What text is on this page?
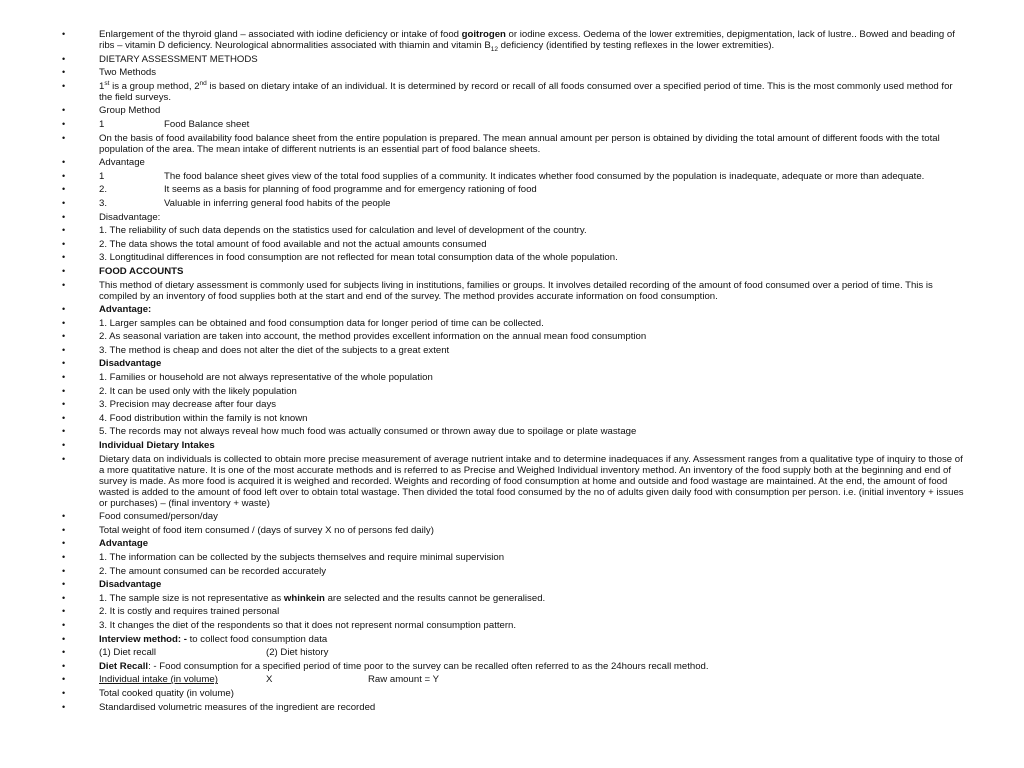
•	Enlargement of the thyroid gland – associated with iodine deficiency or intake of food goitrogen or iodine excess. Oedema of the lower extremities, depigmentation, lack of lustre.. Bowed and beading of ribs – vitamin D deficiency. Neurological abnormalities associated with thiamin and vitamin $B_{12}$ deficiency (identified by testing reflexes in the lower extremities).
•	DIETARY ASSESSMENT METHODS
•	Two Methods
•	1st is a group method, 2nd is based on dietary intake of an individual. It is determined by record or recall of all foods consumed over a specified period of time. This is the most commonly used method for the field surveys.
•	Group Method
•	1	Food Balance sheet
•	On the basis of food availability food balance sheet from the entire population is prepared. The mean annual amount per person is obtained by dividing the total amount of different foods with the total population of the area. The mean intake of different nutrients is an essential part of food balance sheets.
•	Advantage
•	1	The food balance sheet gives view of the total food supplies of a community. It indicates whether food consumed by the population is inadequate, adequate or more than adequate.
•	2.	It seems as a basis for planning of food programme and for emergency rationing of food
•	3.	Valuable in inferring general food habits of the people
•	Disadvantage:
•	1. The reliability of such data depends on the statistics used for calculation and level of development of the country.
•	2. The data shows the total amount of food available and not the actual amounts consumed
•	3. Longtitudinal differences in food consumption are not reflected for mean total consumption data of the whole population.
•	FOOD ACCOUNTS
•	This method of dietary assessment is commonly used for subjects living in institutions, families or groups. It involves detailed recording of the amount of food consumed over a period of time. This is compiled by an inventory of food supplies both at the start and end of the survey. The method provides accurate information on food consumption.
•	Advantage:
•	1. Larger samples can be obtained and food consumption data for longer period of time can be collected.
•	2. As seasonal variation are taken into account, the method provides excellent information on the annual mean food consumption
•	3. The method is cheap and does not alter the diet of the subjects to a great extent
•	Disadvantage
•	1. Families or household are not always representative of the whole population
•	2. It can be used only with the likely population
•	3. Precision may decrease after four days
•	4. Food distribution within the family is not known
•	5. The records may not always reveal how much food was actually consumed or thrown away due to spoilage or plate wastage
•	Individual Dietary Intakes
•	Dietary data on individuals is collected to obtain more precise measurement of average nutrient intake and to determine inadequaces if any. Assessment ranges from a qualitative type of inquiry to those of a more quatitative nature. It is one of the most accurate methods and is referred to as Precise and Weighed Individual inventory method. An inventory of the food supply both at the beginning and end of survey is made. As more food is acquired it is weighed and recorded. Weights and recording of food consumption at home and outside and food wastage are maintained. At the end, the amount of food wasted is added to the amount of food left over to obtain total wastage. Then divided the total food consumed by the no of adults given daily food with consumption per person. i.e. (initial inventory + issues or purchases) – (final inventory + waste)
•	Food consumed/person/day
•	Total weight of food item consumed / (days of survey X no of persons fed daily)
•	Advantage
•	1. The information can be collected by the subjects themselves and require minimal supervision
•	2. The amount consumed can be recorded accurately
•	Disadvantage
•	1. The sample size is not representative as whinkein are selected and the results cannot be generalised.
•	2. It is costly and requires trained personal
•	3. It changes the diet of the respondents so that it does not represent normal consumption pattern.
•	Interview method: - to collect food consumption data
•	(1) Diet recall	(2) Diet history
•	Diet Recall: - Food consumption for a specified period of time poor to the survey can be recalled often referred to as the 24hours recall method.
•	Individual intake (in volume)	X	Raw amount = Y
•	Total cooked quatity (in volume)
•	Standardised volumetric measures of the ingredient are recorded
